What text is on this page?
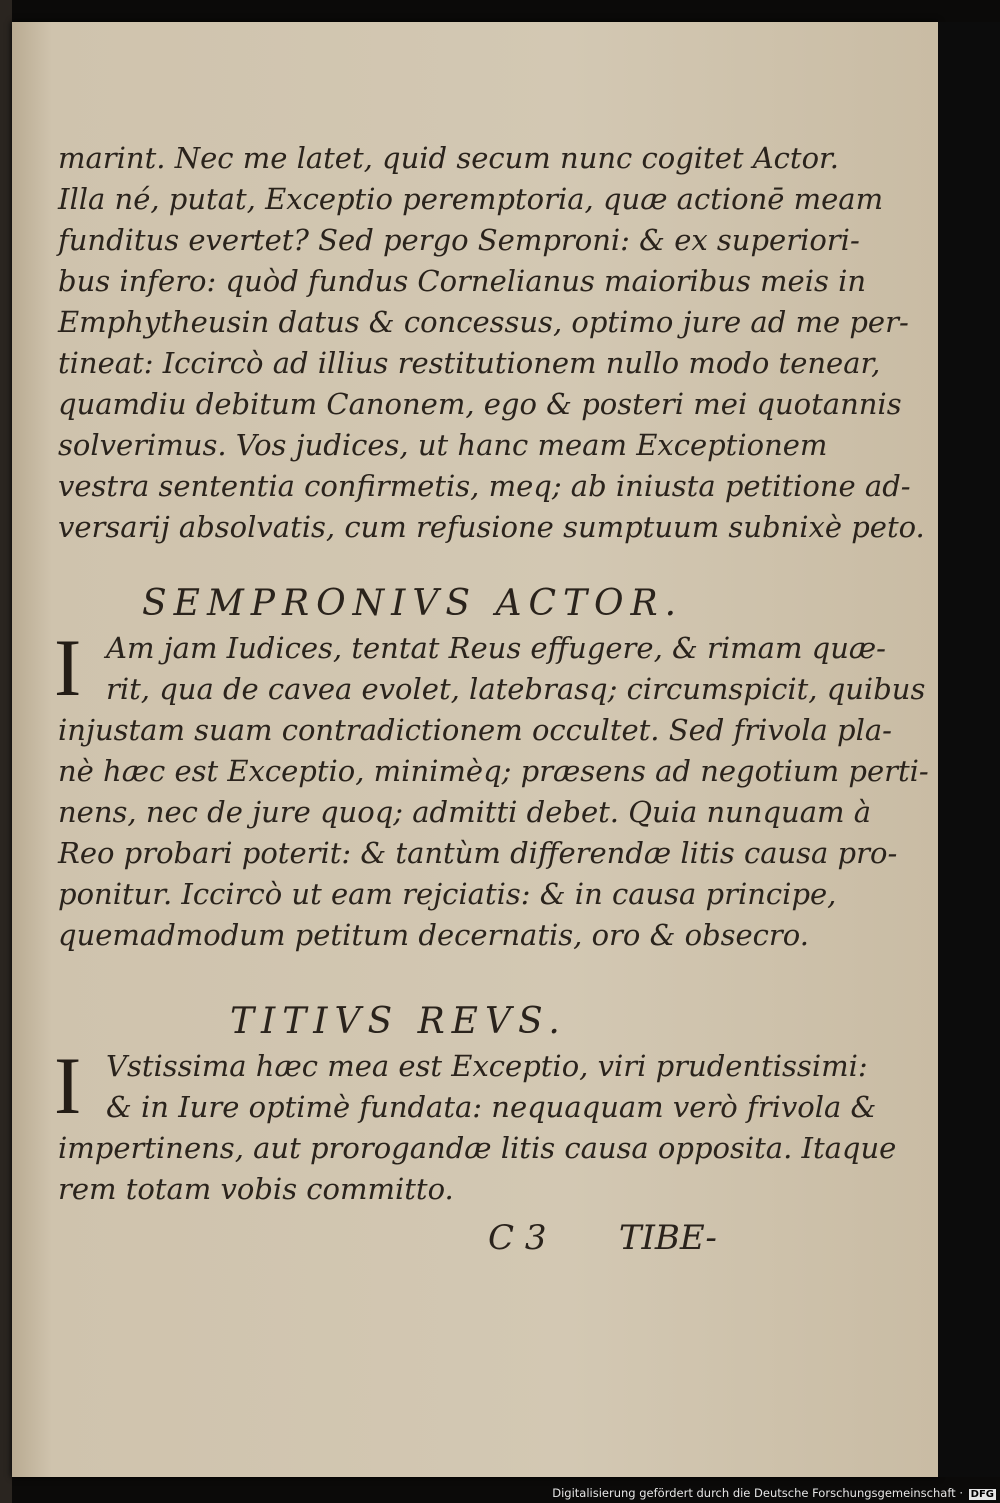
marint. Nec me latet, quid secum nunc cogitet Actor.
Illa né, putat, Exceptio peremptoria, quæ actionē meam
funditus evertet? Sed pergo Semproni: & ex superiori-
bus infero: quòd fundus Cornelianus maioribus meis in
Emphytheusin datus & concessus, optimo jure ad me per-
tineat: Iccircò ad illius restitutionem nullo modo tenear,
quamdiu debitum Canonem, ego & posteri mei quotannis
solverimus. Vos judices, ut hanc meam Exceptionem
vestra sententia confirmetis, meq; ab iniusta petitione ad-
versarij absolvatis, cum refusione sumptuum subnixè peto.
SEMPRONIVS ACTOR.
I Am jam Iudices, tentat Reus effugere, & rimam quæ-
rit, qua de cavea evolet, latebrasq; circumspicit, quibus
injustam suam contradictionem occultet. Sed frivola pla-
nè hæc est Exceptio, minimèq; præsens ad negotium perti-
nens, nec de jure quoq; admitti debet. Quia nunquam à
Reo probari poterit: & tantùm differendæ litis causa pro-
ponitur. Iccircò ut eam rejciatis: & in causa principe,
quemadmodum petitum decernatis, oro & obsecro.
TITIVS REVS.
I Vstissima hæc mea est Exceptio, viri prudentissimi:
& in Iure optimè fundata: nequaquam verò frivola &
impertinens, aut prorogandæ litis causa opposita. Itaque
rem totam vobis committo.
C 3 TIBE-
Digitalisierung gefördert durch die Deutsche Forschungsgemeinschaft · DFG
